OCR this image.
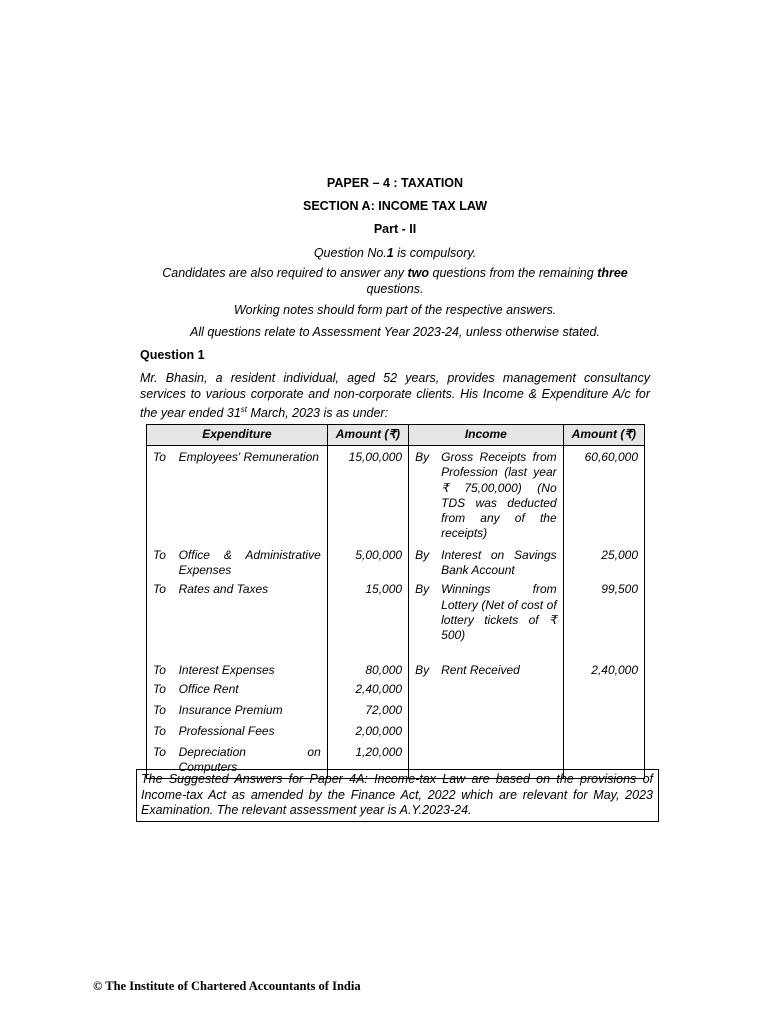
PAPER – 4 : TAXATION
SECTION A: INCOME TAX LAW
Part - II
Question No.1 is compulsory.
Candidates are also required to answer any two questions from the remaining three
questions.
Working notes should form part of the respective answers.
All questions relate to Assessment Year 2023-24, unless otherwise stated.
Question 1
Mr. Bhasin, a resident individual, aged 52 years, provides management consultancy services to various corporate and non-corporate clients. His Income & Expenditure A/c for the year ended 31st March, 2023 is as under:
Expenditure		Amount (₹)	Income		Amount (₹)
To	Employees' Remuneration	15,00,000	By	Gross Receipts from Profession (last year ₹ 75,00,000) (No TDS was deducted from any of the receipts)	60,60,000
To	Office & Administrative Expenses	5,00,000	By	Interest on Savings Bank Account	25,000
To	Rates and Taxes	15,000	By	Winnings from Lottery (Net of cost of lottery tickets of ₹ 500)	99,500
To	Interest Expenses	80,000	By	Rent Received	2,40,000
To	Office Rent	2,40,000			
To	Insurance Premium	72,000			
To	Professional Fees	2,00,000			
To	Depreciation on Computers	1,20,000			
The Suggested Answers for Paper 4A: Income-tax Law are based on the provisions of Income-tax Act as amended by the Finance Act, 2022 which are relevant for May, 2023 Examination. The relevant assessment year is A.Y.2023-24.
© The Institute of Chartered Accountants of India
